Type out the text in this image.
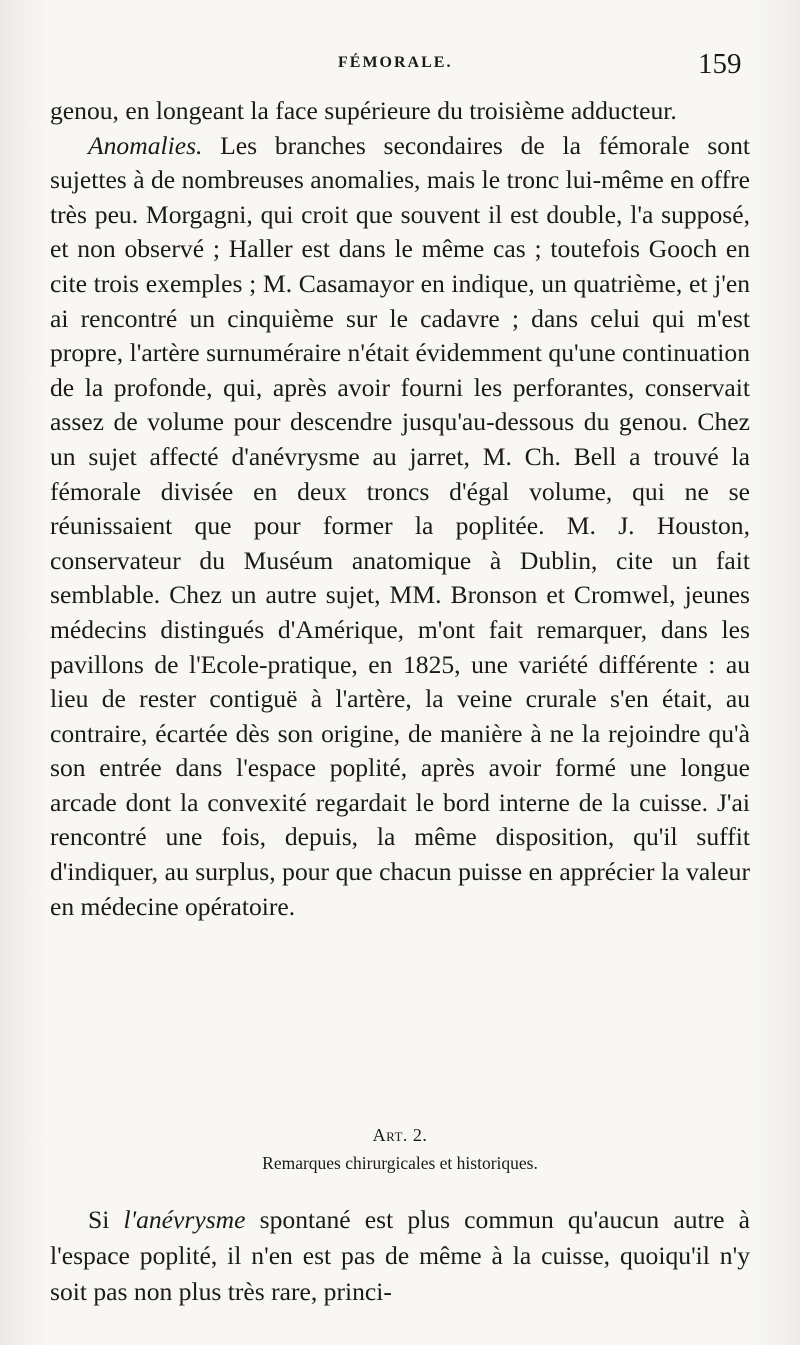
FÉMORALE.	159

genou, en longeant la face supérieure du troisième adducteur.

Anomalies. Les branches secondaires de la fémorale sont sujettes à de nombreuses anomalies, mais le tronc lui-même en offre très peu. Morgagni, qui croit que souvent il est double, l'a supposé, et non observé ; Haller est dans le même cas ; toutefois Gooch en cite trois exemples ; M. Casamayor en indique, un quatrième, et j'en ai rencontré un cinquième sur le cadavre ; dans celui qui m'est propre, l'artère surnuméraire n'était évidemment qu'une continuation de la profonde, qui, après avoir fourni les perforantes, conservait assez de volume pour descendre jusqu'au-dessous du genou. Chez un sujet affecté d'anévrysme au jarret, M. Ch. Bell a trouvé la fémorale divisée en deux troncs d'égal volume, qui ne se réunissaient que pour former la poplitée. M. J. Houston, conservateur du Muséum anatomique à Dublin, cite un fait semblable. Chez un autre sujet, MM. Bronson et Cromwel, jeunes médecins distingués d'Amérique, m'ont fait remarquer, dans les pavillons de l'Ecole-pratique, en 1825, une variété différente : au lieu de rester contiguë à l'artère, la veine crurale s'en était, au contraire, écartée dès son origine, de manière à ne la rejoindre qu'à son entrée dans l'espace poplité, après avoir formé une longue arcade dont la convexité regardait le bord interne de la cuisse. J'ai rencontré une fois, depuis, la même disposition, qu'il suffit d'indiquer, au surplus, pour que chacun puisse en apprécier la valeur en médecine opératoire.

Art. 2.
Remarques chirurgicales et historiques.

Si l'anévrysme spontané est plus commun qu'aucun autre à l'espace poplité, il n'en est pas de même à la cuisse, quoiqu'il n'y soit pas non plus très rare, princi-
